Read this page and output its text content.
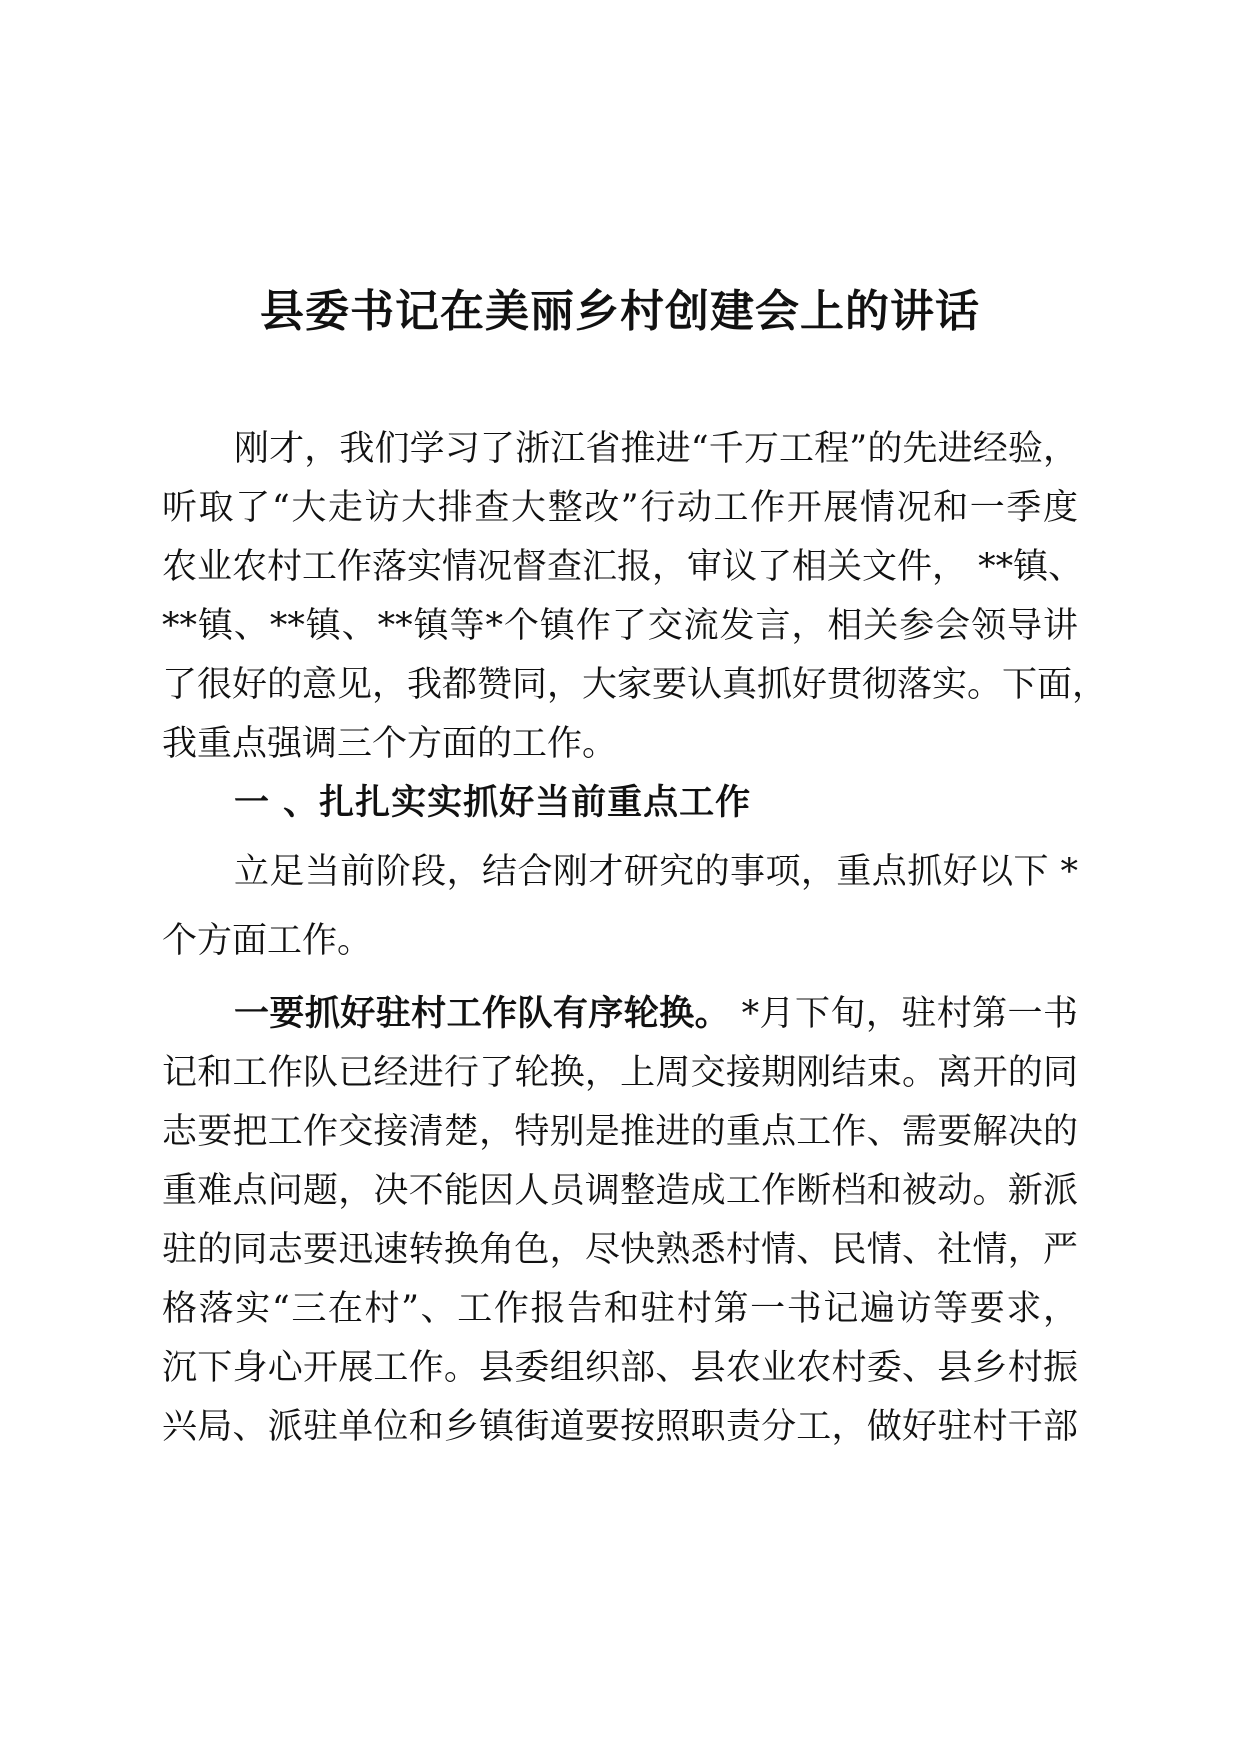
县委书记在美丽乡村创建会上的讲话
刚才，我们学习了浙江省推进“千万工程”的先进经验，
听取了“大走访大排查大整改”行动工作开展情况和一季度
农业农村工作落实情况督查汇报，审议了相关文件， **镇、
**镇、**镇、**镇等*个镇作了交流发言，相关参会领导讲
了很好的意见，我都赞同，大家要认真抓好贯彻落实。下面，
我重点强调三个方面的工作。
一 、扎扎实实抓好当前重点工作
立足当前阶段，结合刚才研究的事项，重点抓好以下 *
个方面工作。
一要抓好驻村工作队有序轮换。 *月下旬，驻村第一书
记和工作队已经进行了轮换，上周交接期刚结束。离开的同
志要把工作交接清楚，特别是推进的重点工作、需要解决的
重难点问题，决不能因人员调整造成工作断档和被动。新派
驻的同志要迅速转换角色，尽快熟悉村情、民情、社情，严
格落实“三在村”、工作报告和驻村第一书记遍访等要求，
沉下身心开展工作。县委组织部、县农业农村委、县乡村振
兴局、派驻单位和乡镇街道要按照职责分工，做好驻村干部
